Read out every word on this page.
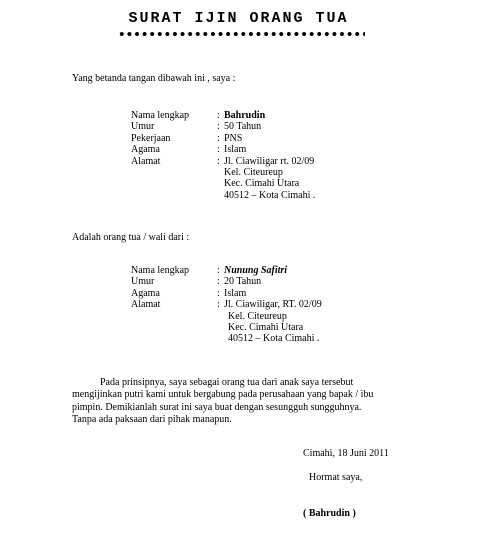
SURAT IJIN ORANG TUA
Yang betanda tangan dibawah ini , saya :
Nama lengkap	:	Bahrudin
Umur	:	50 Tahun
Pekerjaan	:	PNS
Agama	:	Islam
Alamat	:	Jl. Ciawiligar rt. 02/09
		Kel. Citeureup
		Kec. Cimahi Utara
		40512 – Kota Cimahi .
Adalah orang tua / wali dari :
Nama lengkap	:	Nunung Safitri
Umur	:	20 Tahun
Agama	:	Islam
Alamat	:	Jl. Ciawiligar, RT. 02/09
		Kel. Citeureup
		Kec. Cimahi Utara
		40512 – Kota Cimahi .
Pada prinsipnya, saya sebagai orang tua dari anak saya tersebut
mengijinkan putri kami untuk bergabung pada perusahaan yang bapak / ibu
pimpin. Demikianlah surat ini saya buat dengan sesungguh sungguhnya.
Tanpa ada paksaan dari pihak manapun.
Cimahi, 18 Juni 2011
Hormat saya,
( Bahrudin )
